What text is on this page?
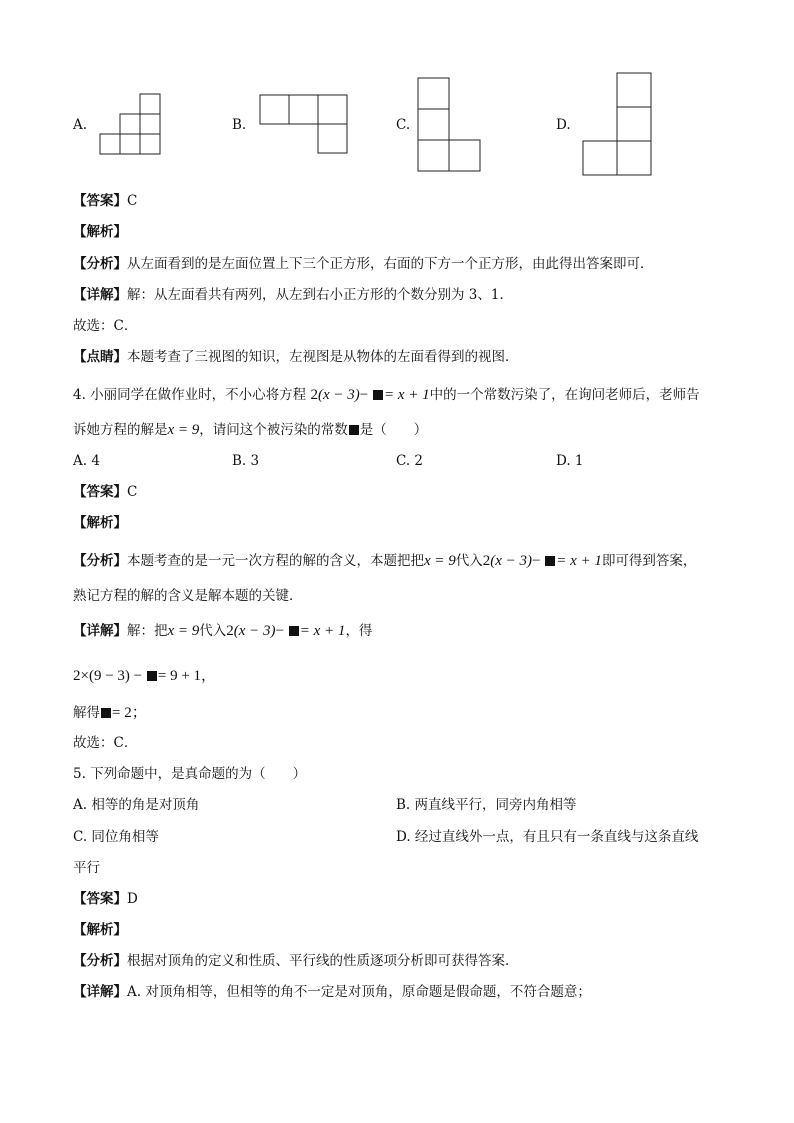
A.	B.	C.	D.
【答案】C
【解析】
【分析】从左面看到的是左面位置上下三个正方形，右面的下方一个正方形，由此得出答案即可．
【详解】解：从左面看共有两列，从左到右小正方形的个数分别为 3、1．
故选：C．
【点睛】本题考查了三视图的知识，左视图是从物体的左面看得到的视图．
4. 小丽同学在做作业时，不小心将方程 2(x − 3)− = x + 1中的一个常数污染了，在询问老师后，老师告
诉她方程的解是x = 9，请问这个被污染的常数 是（　　）
A. 4	B. 3	C. 2	D. 1
【答案】C
【解析】
【分析】本题考查的是一元一次方程的解的含义，本题把把x = 9代入2(x − 3)− = x + 1即可得到答案，
熟记方程的解的含义是解本题的关键．
【详解】解：把x = 9代入2(x − 3)− = x + 1，得
2×(9 − 3) − = 9 + 1，
解得 = 2；
故选：C．
5. 下列命题中，是真命题的为（　　）
A. 相等的角是对顶角	B. 两直线平行，同旁内角相等
C. 同位角相等	D. 经过直线外一点，有且只有一条直线与这条直线
平行
【答案】D
【解析】
【分析】根据对顶角的定义和性质、平行线的性质逐项分析即可获得答案．
【详解】A. 对顶角相等，但相等的角不一定是对顶角，原命题是假命题，不符合题意；
